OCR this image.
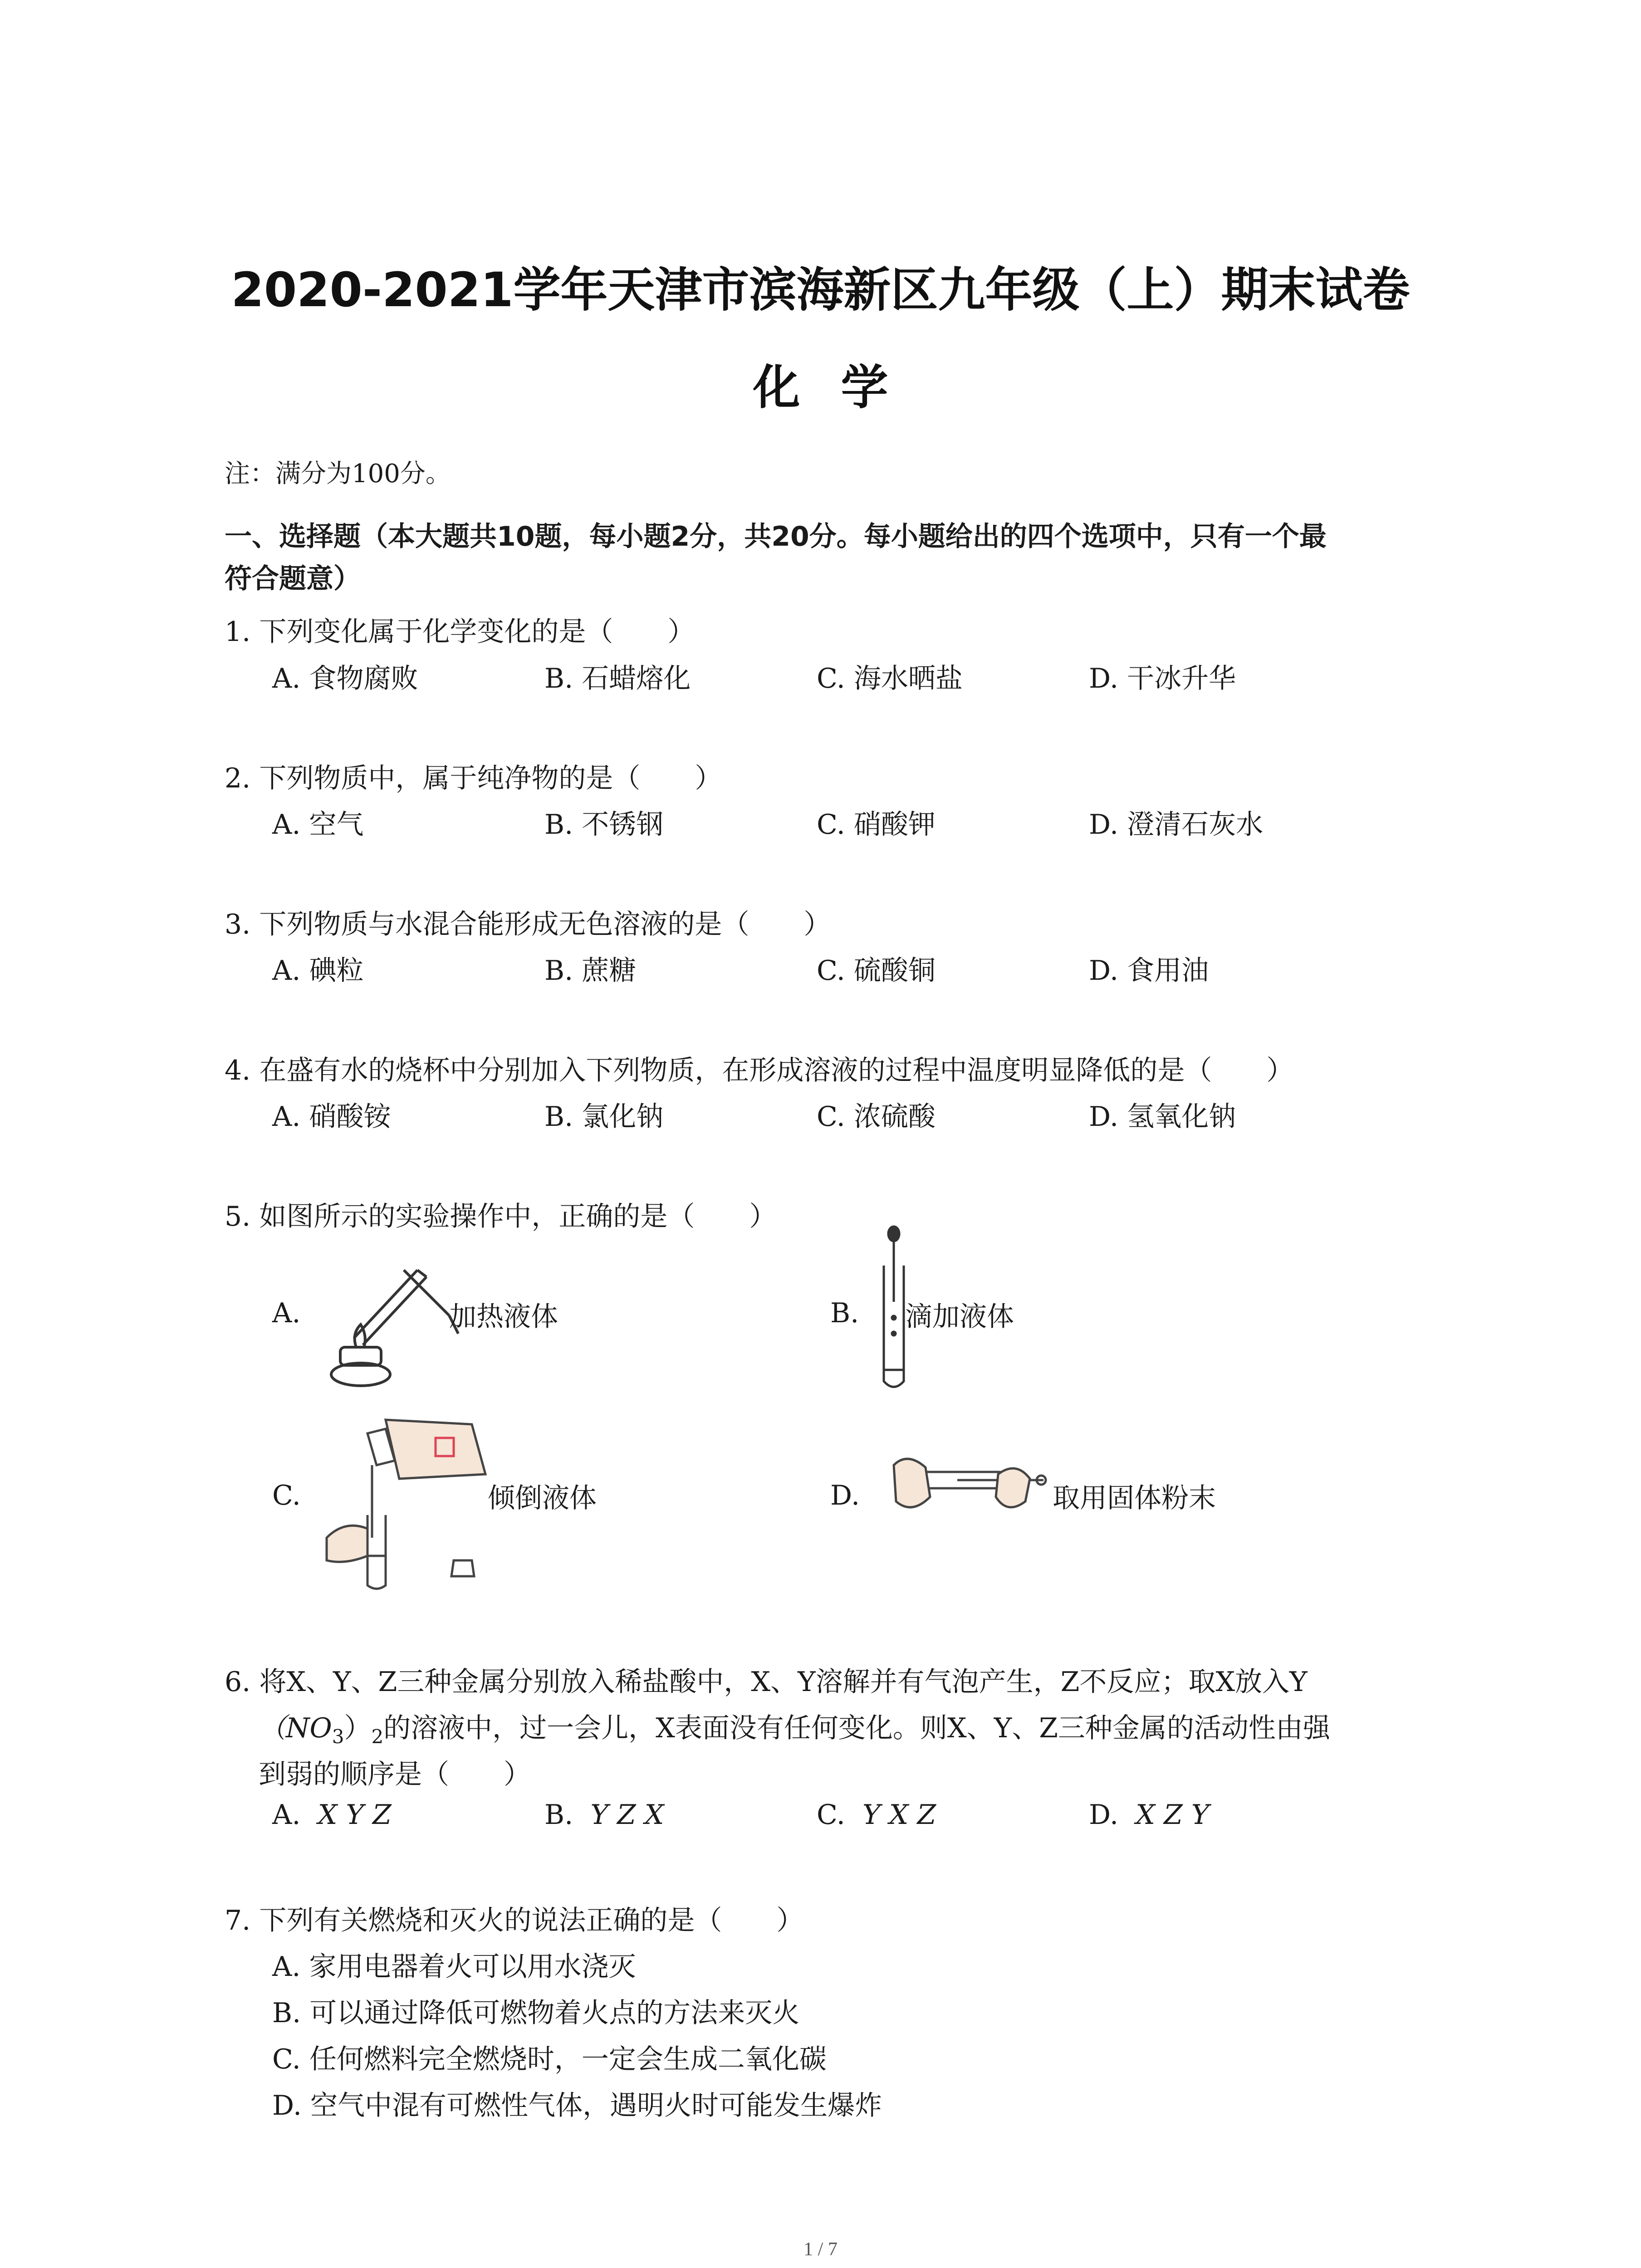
2020-2021学年天津市滨海新区九年级（上）期末试卷
化学
注：满分为100分。
一、选择题（本大题共10题，每小题2分，共20分。每小题给出的四个选项中，只有一个最
符合题意）
1. 下列变化属于化学变化的是（　　）
A. 食物腐败	B. 石蜡熔化	C. 海水晒盐	D. 干冰升华
2. 下列物质中，属于纯净物的是（　　）
A. 空气	B. 不锈钢	C. 硝酸钾	D. 澄清石灰水
3. 下列物质与水混合能形成无色溶液的是（　　）
A. 碘粒	B. 蔗糖	C. 硫酸铜	D. 食用油
4. 在盛有水的烧杯中分别加入下列物质，在形成溶液的过程中温度明显降低的是（　　）
A. 硝酸铵	B. 氯化钠	C. 浓硫酸	D. 氢氧化钠
5. 如图所示的实验操作中，正确的是（　　）
A.	加热液体	B. 滴加液体
C.	倾倒液体	D.	取用固体粉末
6. 将X、Y、Z三种金属分别放入稀盐酸中，X、Y溶解并有气泡产生，Z不反应；取X放入Y
$(NO_3)_2$的溶液中，过一会儿，X表面没有任何变化。则X、Y、Z三种金属的活动性由强
到弱的顺序是（　　）
A. X Y Z	B. Y Z X	C. Y X Z	D. X Z Y
7. 下列有关燃烧和灭火的说法正确的是（　　）
A. 家用电器着火可以用水浇灭
B. 可以通过降低可燃物着火点的方法来灭火
C. 任何燃料完全燃烧时，一定会生成二氧化碳
D. 空气中混有可燃性气体，遇明火时可能发生爆炸
1 / 7
